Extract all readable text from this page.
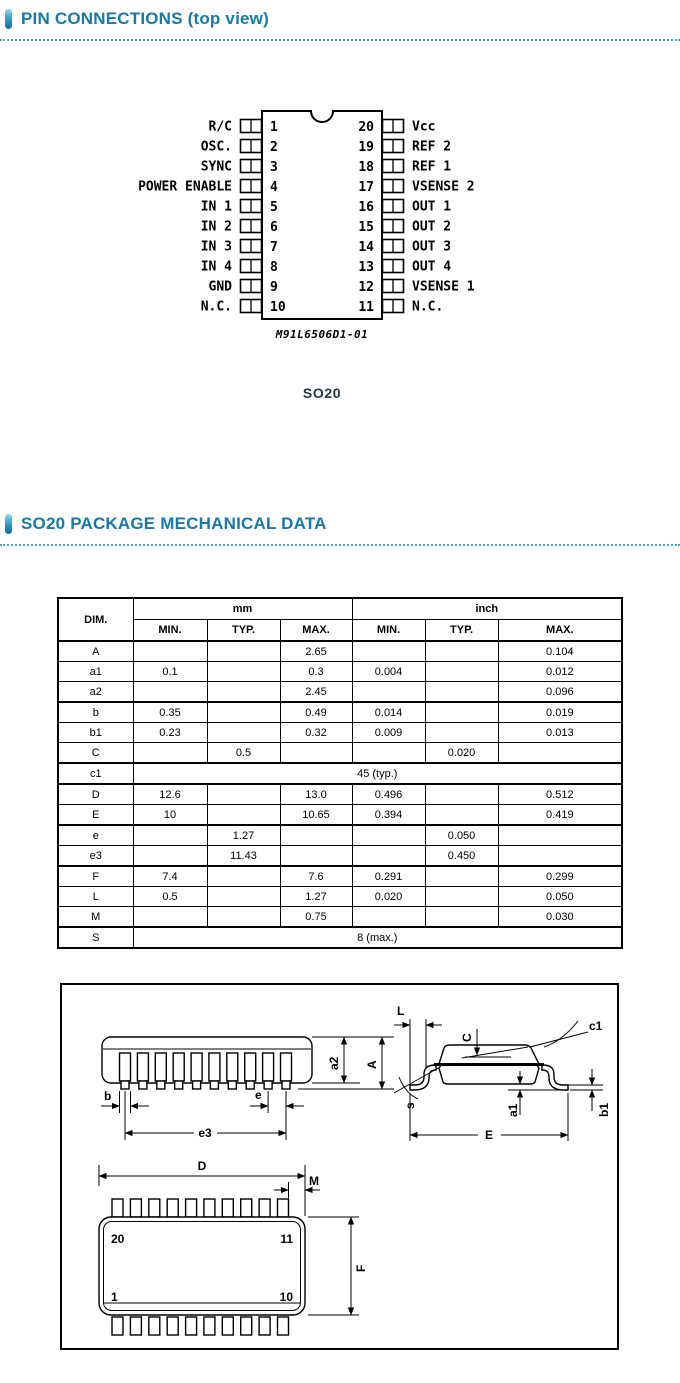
PIN CONNECTIONS (top view)
R/C	1
OSC.	2
SYNC	3
POWER ENABLE	4
IN 1	5
IN 2	6
IN 3	7
IN 4	8
GND	9
N.C.	10
20	Vcc
19	REF 2
18	REF 1
17	VSENSE 2
16	OUT 1
15	OUT 2
14	OUT 3
13	OUT 4
12	VSENSE 1
11	N.C.
M91L6506D1-01
SO20
SO20 PACKAGE MECHANICAL DATA
DIM.	mm			inch		
	MIN.	TYP.	MAX.	MIN.	TYP.	MAX.
A			2.65			0.104
a1	0.1		0.3	0.004		0.012
a2			2.45			0.096
b	0.35		0.49	0.014		0.019
b1	0.23		0.32	0.009		0.013
C		0.5			0.020	
c1	45 (typ.)					
D	12.6		13.0	0.496		0.512
E	10		10.65	0.394		0.419
e		1.27			0.050	
e3		11.43			0.450	
F	7.4		7.6	0.291		0.299
L	0.5		1.27	0.020		0.050
M			0.75			0.030
S	8 (max.)					
b	e
e3
a2 A
L
C
c1
s	a1	b1
E
D
M
20	11
1	10
F
